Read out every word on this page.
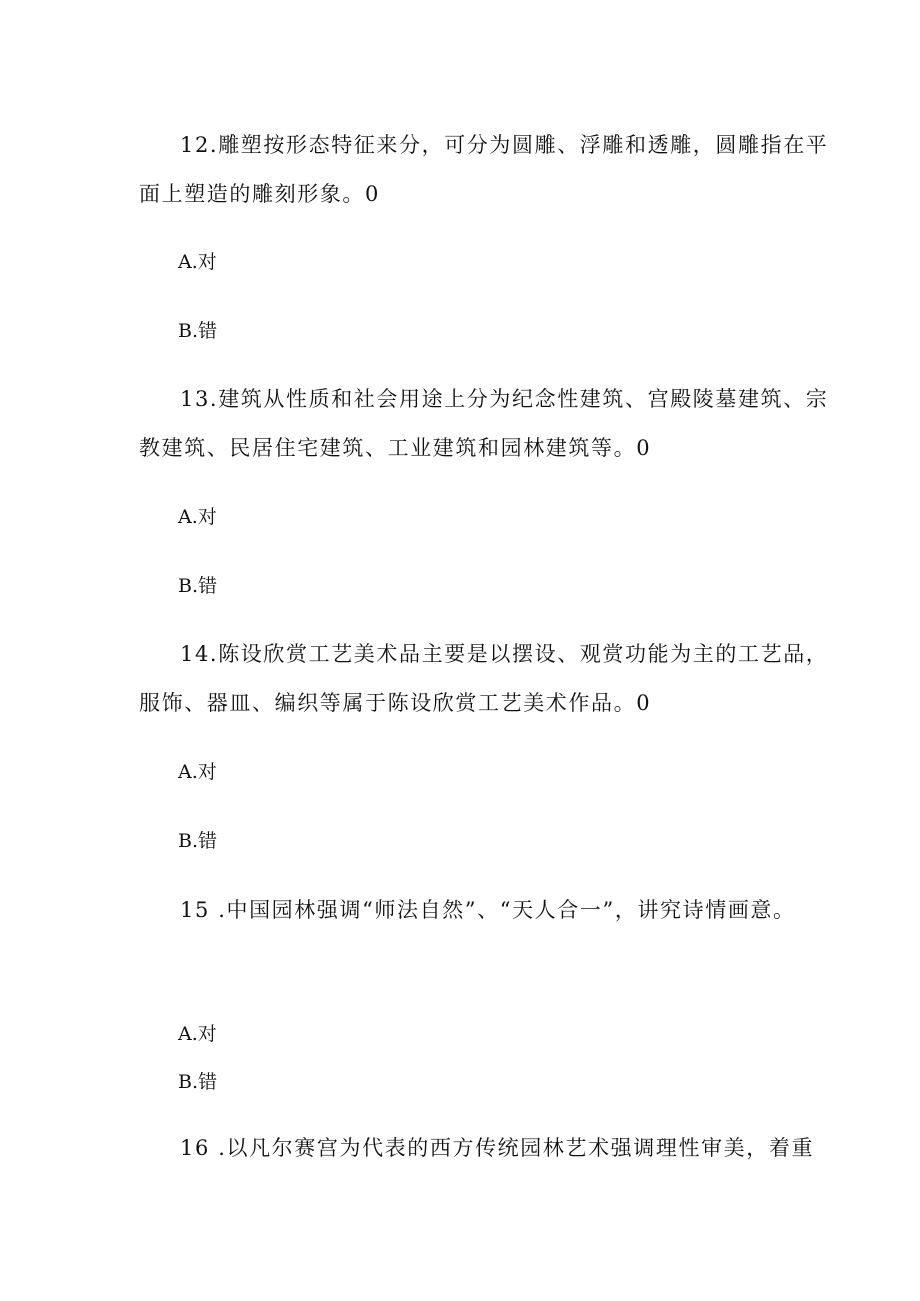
12.雕塑按形态特征来分，可分为圆雕、浮雕和透雕，圆雕指在平
面上塑造的雕刻形象。0
A.对
B.错
13.建筑从性质和社会用途上分为纪念性建筑、宫殿陵墓建筑、宗
教建筑、民居住宅建筑、工业建筑和园林建筑等。0
A.对
B.错
14.陈设欣赏工艺美术品主要是以摆设、观赏功能为主的工艺品，
服饰、器皿、编织等属于陈设欣赏工艺美术作品。0
A.对
B.错
15 .中国园林强调“师法自然”、“天人合一”，讲究诗情画意。
A.对
B.错
16 .以凡尔赛宫为代表的西方传统园林艺术强调理性审美，着重
